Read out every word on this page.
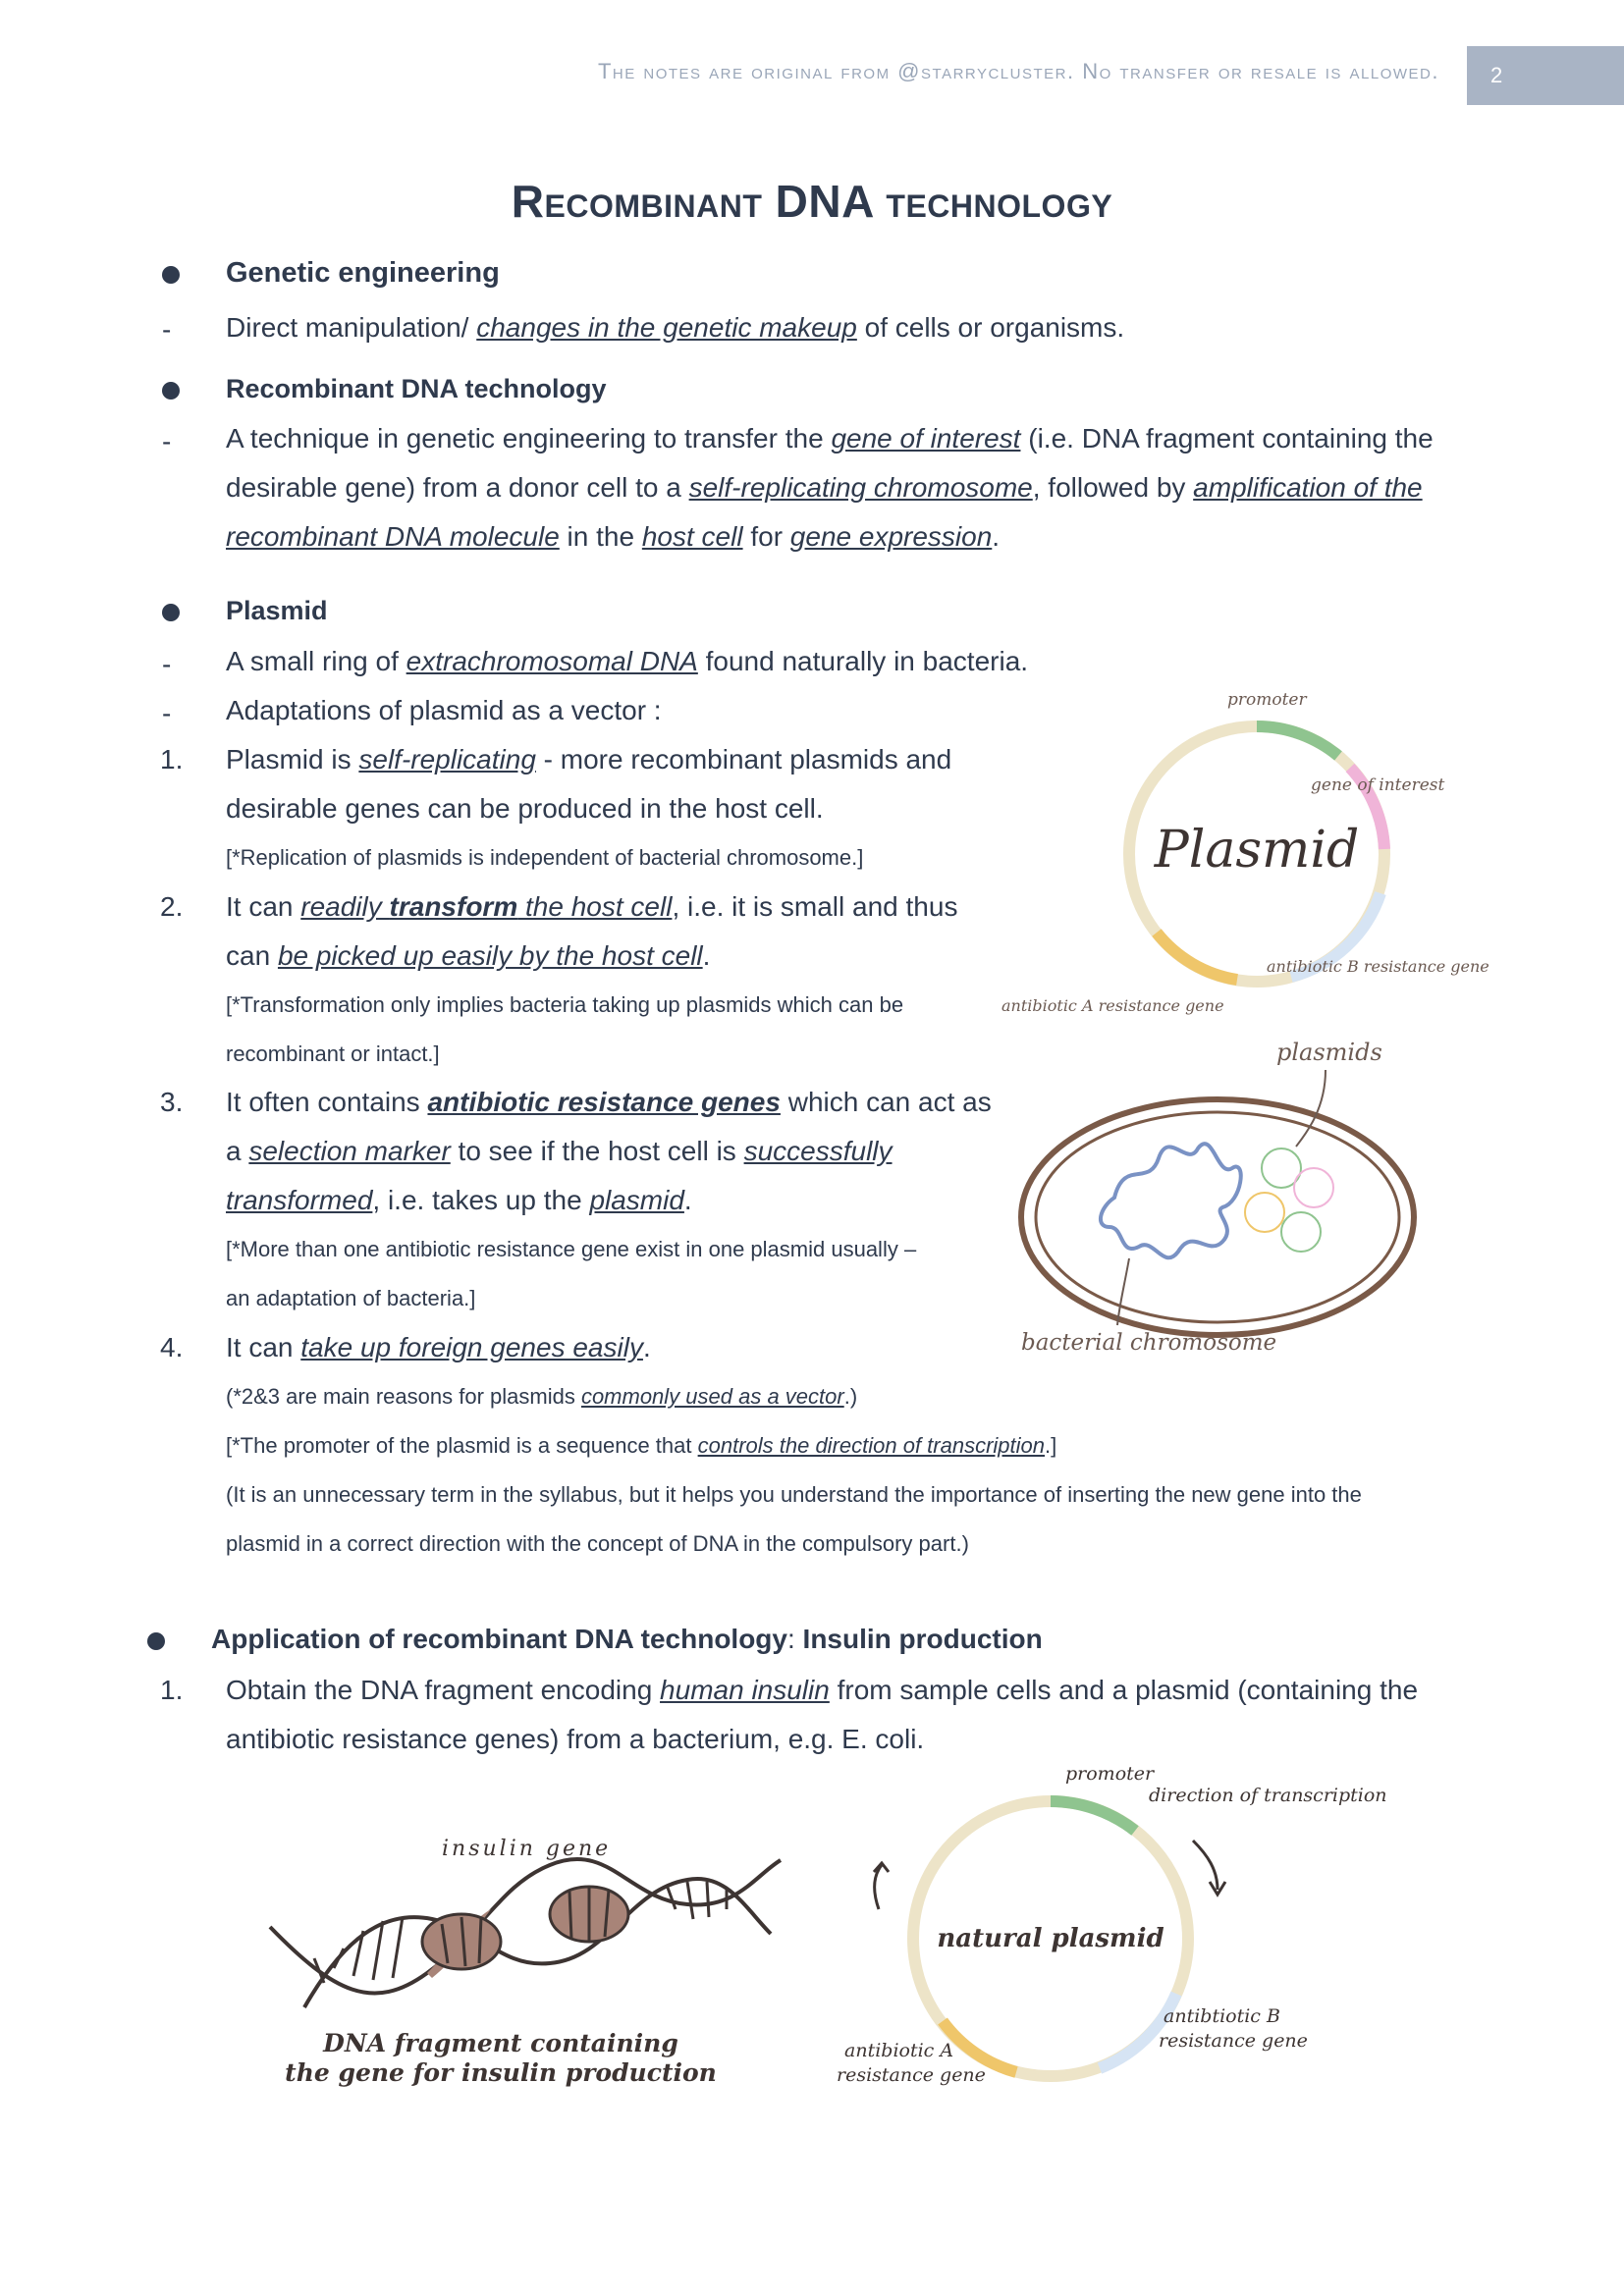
The notes are original from @starrycluster. No transfer or resale is allowed.	2
Recombinant DNA technology
Genetic engineering
- Direct manipulation/ changes in the genetic makeup of cells or organisms.
Recombinant DNA technology
- A technique in genetic engineering to transfer the gene of interest (i.e. DNA fragment containing the
desirable gene) from a donor cell to a self-replicating chromosome, followed by amplification of the
recombinant DNA molecule in the host cell for gene expression.
Plasmid
- A small ring of extrachromosomal DNA found naturally in bacteria.
- Adaptations of plasmid as a vector :
1. Plasmid is self-replicating - more recombinant plasmids and
desirable genes can be produced in the host cell.
[*Replication of plasmids is independent of bacterial chromosome.]
2. It can readily transform the host cell, i.e. it is small and thus
can be picked up easily by the host cell.
[*Transformation only implies bacteria taking up plasmids which can be
recombinant or intact.]
3. It often contains antibiotic resistance genes which can act as
a selection marker to see if the host cell is successfully
transformed, i.e. takes up the plasmid.
[*More than one antibiotic resistance gene exist in one plasmid usually –
an adaptation of bacteria.]
4. It can take up foreign genes easily.
(*2&3 are main reasons for plasmids commonly used as a vector.)
[*The promoter of the plasmid is a sequence that controls the direction of transcription.]
(It is an unnecessary term in the syllabus, but it helps you understand the importance of inserting the new gene into the
plasmid in a correct direction with the concept of DNA in the compulsory part.)
Application of recombinant DNA technology: Insulin production
1. Obtain the DNA fragment encoding human insulin from sample cells and a plasmid (containing the
antibiotic resistance genes) from a bacterium, e.g. E. coli.
Plasmid
promoter
gene of interest
antibiotic B resistance gene
antibiotic A resistance gene
plasmids
bacterial chromosome
insulin gene
DNA fragment containing
the gene for insulin production
natural plasmid
promoter
direction of transcription
antibtiotic B
resistance gene
antibiotic A
resistance gene
